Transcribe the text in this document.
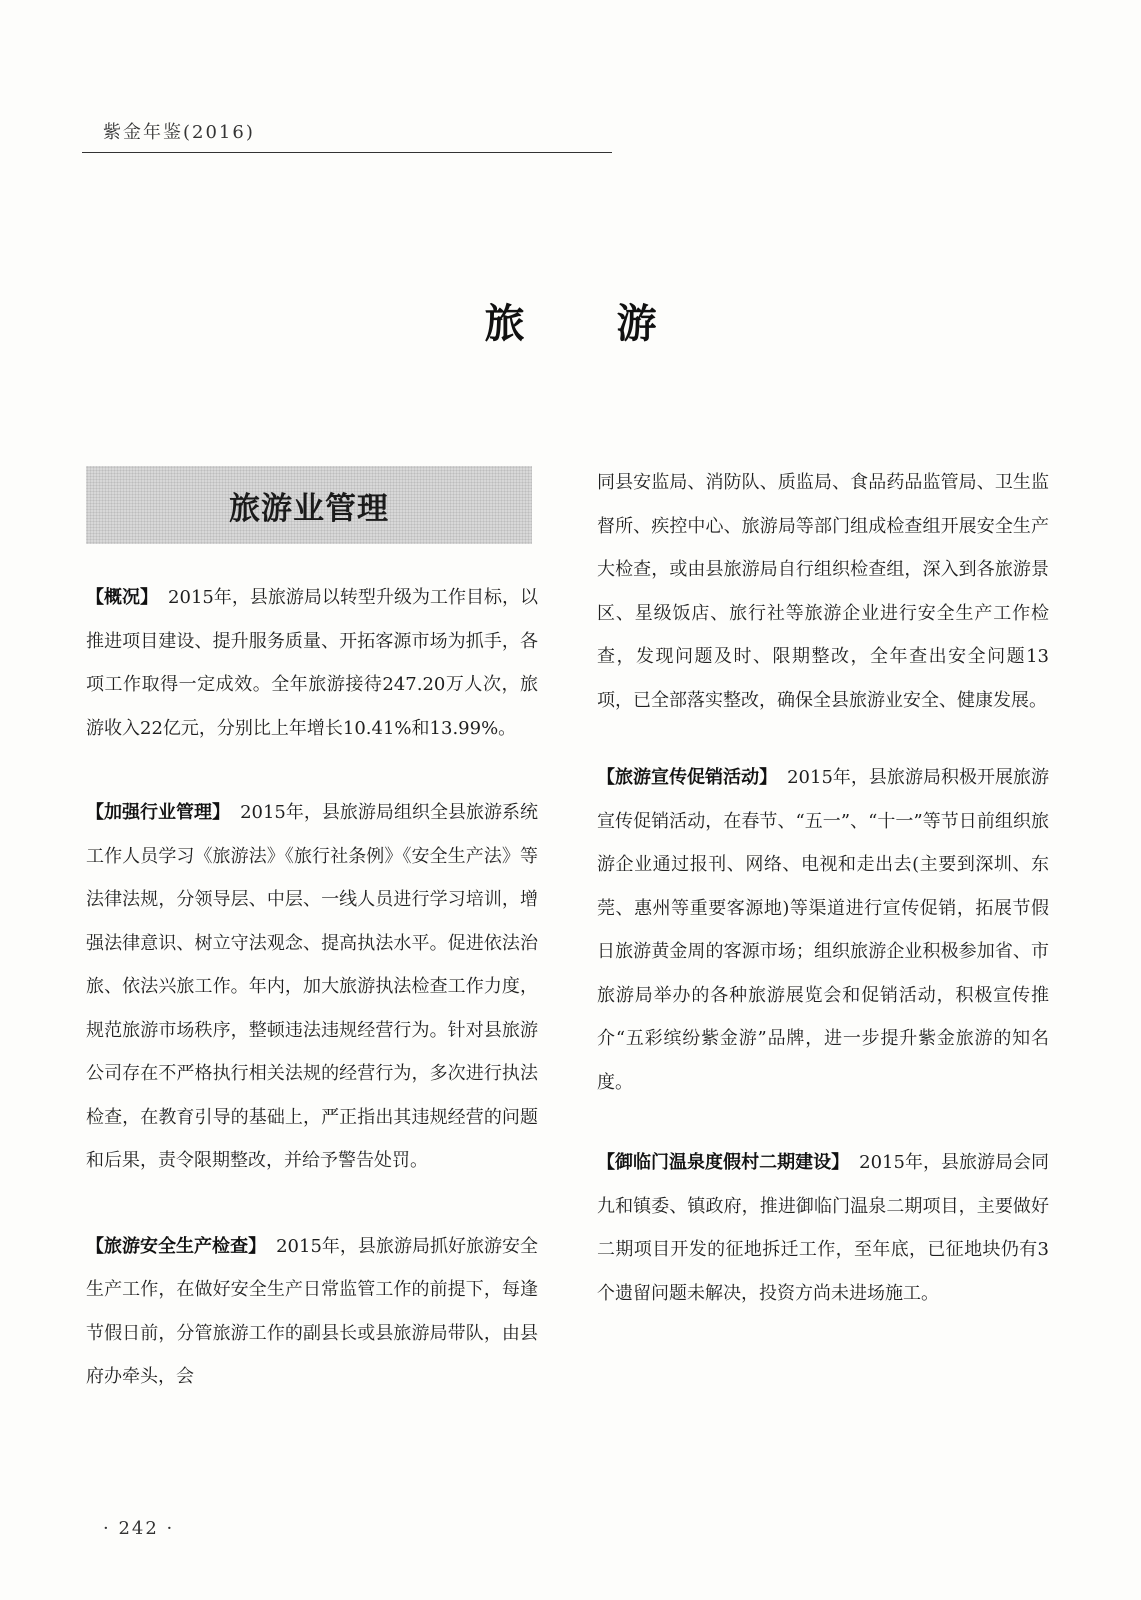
紫金年鉴(2016)
旅游
旅游业管理

【概况】 2015年，县旅游局以转型升级为工作目标，以推进项目建设、提升服务质量、开拓客源市场为抓手，各项工作取得一定成效。全年旅游接待247.20万人次，旅游收入22亿元，分别比上年增长10.41%和13.99%。

【加强行业管理】 2015年，县旅游局组织全县旅游系统工作人员学习《旅游法》《旅行社条例》《安全生产法》等法律法规，分领导层、中层、一线人员进行学习培训，增强法律意识、树立守法观念、提高执法水平。促进依法治旅、依法兴旅工作。年内，加大旅游执法检查工作力度，规范旅游市场秩序，整顿违法违规经营行为。针对县旅游公司存在不严格执行相关法规的经营行为，多次进行执法检查，在教育引导的基础上，严正指出其违规经营的问题和后果，责令限期整改，并给予警告处罚。

【旅游安全生产检查】 2015年，县旅游局抓好旅游安全生产工作，在做好安全生产日常监管工作的前提下，每逢节假日前，分管旅游工作的副县长或县旅游局带队，由县府办牵头，会

同县安监局、消防队、质监局、食品药品监管局、卫生监督所、疾控中心、旅游局等部门组成检查组开展安全生产大检查，或由县旅游局自行组织检查组，深入到各旅游景区、星级饭店、旅行社等旅游企业进行安全生产工作检查，发现问题及时、限期整改，全年查出安全问题13项，已全部落实整改，确保全县旅游业安全、健康发展。

【旅游宣传促销活动】 2015年，县旅游局积极开展旅游宣传促销活动，在春节、“五一”、“十一”等节日前组织旅游企业通过报刊、网络、电视和走出去(主要到深圳、东莞、惠州等重要客源地)等渠道进行宣传促销，拓展节假日旅游黄金周的客源市场；组织旅游企业积极参加省、市旅游局举办的各种旅游展览会和促销活动，积极宣传推介“五彩缤纷紫金游”品牌，进一步提升紫金旅游的知名度。

【御临门温泉度假村二期建设】 2015年，县旅游局会同九和镇委、镇政府，推进御临门温泉二期项目，主要做好二期项目开发的征地拆迁工作，至年底，已征地块仍有3个遗留问题未解决，投资方尚未进场施工。

· 242 ·
